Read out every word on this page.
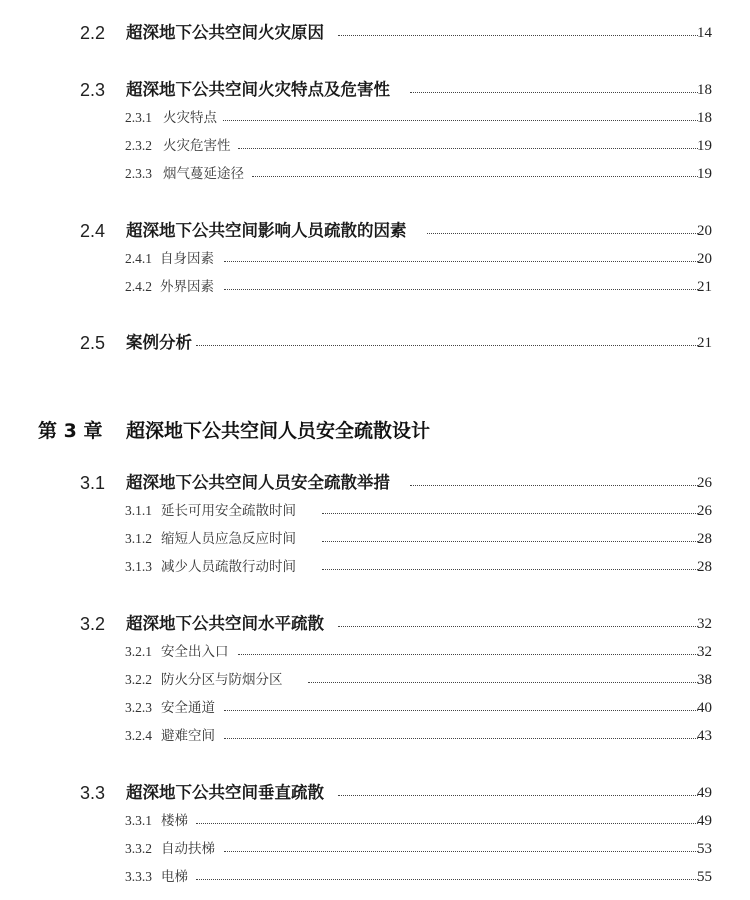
2.2 超深地下公共空间火灾原因	14
2.3 超深地下公共空间火灾特点及危害性	18
2.3.1 火灾特点	18
2.3.2 火灾危害性	19
2.3.3 烟气蔓延途径	19
2.4 超深地下公共空间影响人员疏散的因素	20
2.4.1 自身因素	20
2.4.2 外界因素	21
2.5 案例分析	21
第 3 章 超深地下公共空间人员安全疏散设计
3.1 超深地下公共空间人员安全疏散举措	26
3.1.1 延长可用安全疏散时间	26
3.1.2 缩短人员应急反应时间	28
3.1.3 减少人员疏散行动时间	28
3.2 超深地下公共空间水平疏散	32
3.2.1 安全出入口	32
3.2.2 防火分区与防烟分区	38
3.2.3 安全通道	40
3.2.4 避难空间	43
3.3 超深地下公共空间垂直疏散	49
3.3.1 楼梯	49
3.3.2 自动扶梯	53
3.3.3 电梯	55
